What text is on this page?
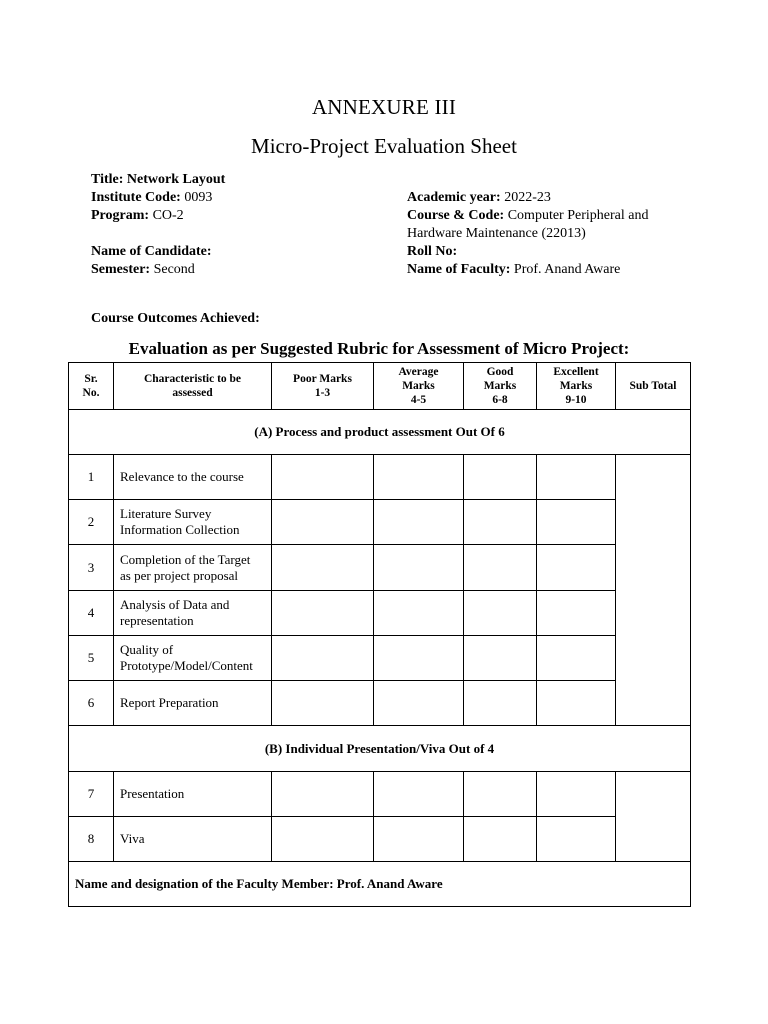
ANNEXURE III
Micro-Project Evaluation Sheet
Title: Network Layout
Institute Code: 0093
Program: CO-2
Name of Candidate:
Semester: Second
Course Outcomes Achieved:
Academic year: 2022-23
Course & Code: Computer Peripheral and
Hardware Maintenance (22013)
Roll No:
Name of Faculty: Prof. Anand Aware
Evaluation as per Suggested Rubric for Assessment of Micro Project:
Sr.
No.	Characteristic to be
assessed	Poor Marks
1-3	Average
Marks
4-5	Good
Marks
6-8	Excellent
Marks
9-10	Sub Total
(A) Process and product assessment Out Of 6						
1	Relevance to the course					
2	Literature Survey
Information Collection					
3	Completion of the Target
as per project proposal					
4	Analysis of Data and
representation					
5	Quality of
Prototype/Model/Content					
6	Report Preparation					
(B) Individual Presentation/Viva Out of 4						
7	Presentation					
8	Viva					
Name and designation of the Faculty Member: Prof. Anand Aware						
